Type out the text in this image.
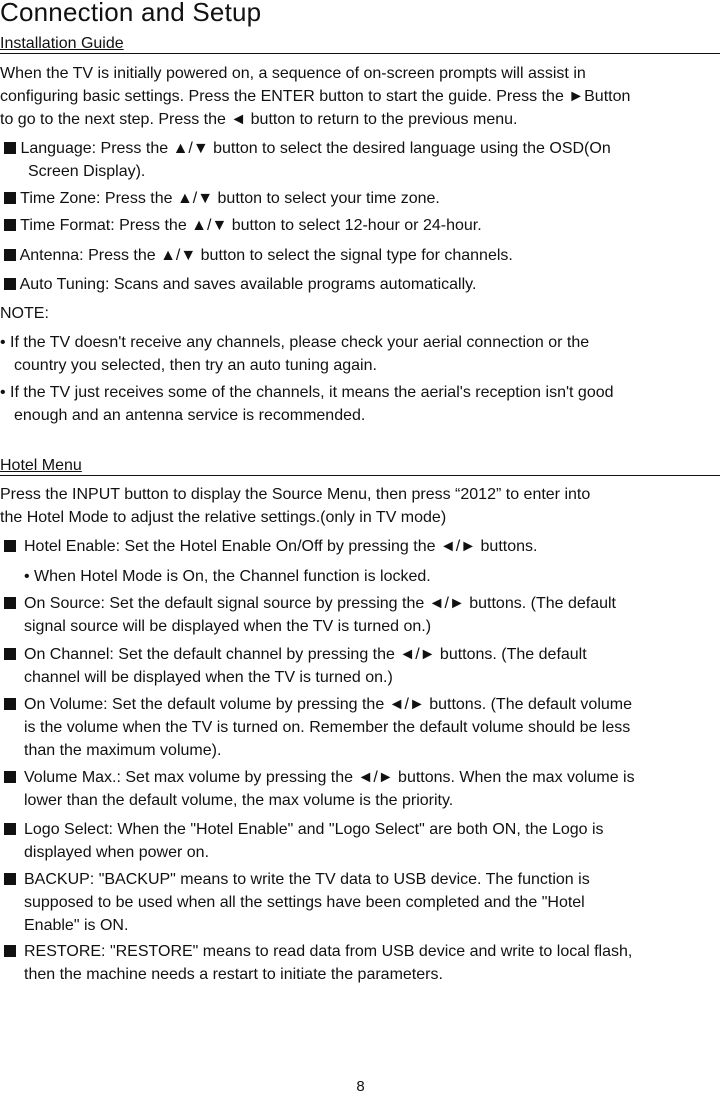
Connection and Setup
Installation Guide
When the TV is initially powered on, a sequence of on-screen prompts will assist in
configuring basic settings. Press the ENTER button to start the guide. Press the ►Button
to go to the next step. Press the ◄ button to return to the previous menu.
Language: Press the ▲/▼ button to select the desired language using the OSD(On
Screen Display).
Time Zone: Press the ▲/▼ button to select your time zone.
Time Format: Press the ▲/▼ button to select 12-hour or 24-hour.
Antenna: Press the ▲/▼ button to select the signal type for channels.
Auto Tuning: Scans and saves available programs automatically.
NOTE:
• If the TV doesn't receive any channels, please check your aerial connection or the
country you selected, then try an auto tuning again.
• If the TV just receives some of the channels, it means the aerial's reception isn't good
enough and an antenna service is recommended.
Hotel Menu
Press the INPUT button to display the Source Menu, then press “2012” to enter into
the Hotel Mode to adjust the relative settings.(only in TV mode)
Hotel Enable: Set the Hotel Enable On/Off by pressing the ◄/► buttons.
• When Hotel Mode is On, the Channel function is locked.
On Source: Set the default signal source by pressing the ◄/► buttons. (The default
signal source will be displayed when the TV is turned on.)
On Channel: Set the default channel by pressing the ◄/► buttons. (The default
channel will be displayed when the TV is turned on.)
On Volume: Set the default volume by pressing the ◄/► buttons. (The default volume
is the volume when the TV is turned on. Remember the default volume should be less
than the maximum volume).
Volume Max.: Set max volume by pressing the ◄/► buttons. When the max volume is
lower than the default volume, the max volume is the priority.
Logo Select: When the "Hotel Enable" and "Logo Select" are both ON, the Logo is
displayed when power on.
BACKUP: "BACKUP" means to write the TV data to USB device. The function is
supposed to be used when all the settings have been completed and the "Hotel
Enable" is ON.
RESTORE: "RESTORE" means to read data from USB device and write to local flash,
then the machine needs a restart to initiate the parameters.
8
